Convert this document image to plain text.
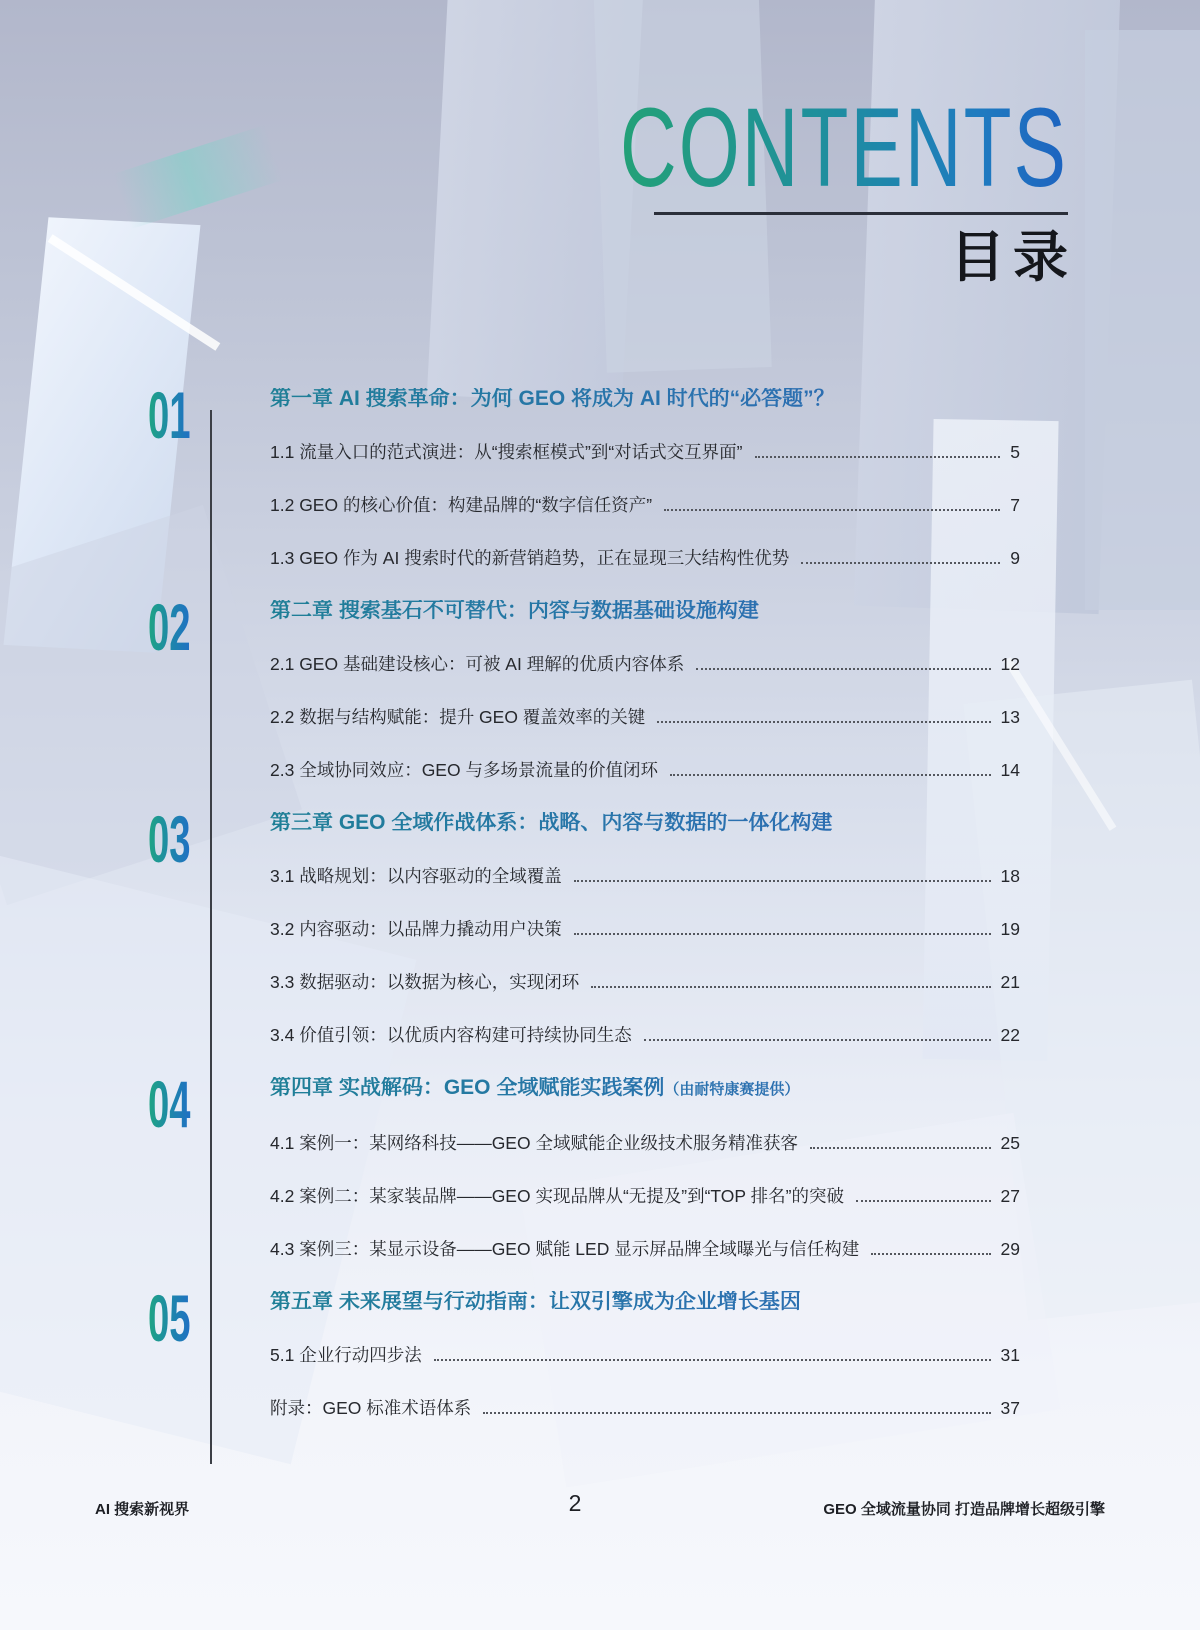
CONTENTS
目录
01	第一章 AI 搜索革命：为何 GEO 将成为 AI 时代的“必答题”？
1.1 流量入口的范式演进：从“搜索框模式”到“对话式交互界面”	5
1.2 GEO 的核心价值：构建品牌的“数字信任资产”	7
1.3 GEO 作为 AI 搜索时代的新营销趋势，正在显现三大结构性优势	9
02	第二章 搜索基石不可替代：内容与数据基础设施构建
2.1 GEO 基础建设核心：可被 AI 理解的优质内容体系	12
2.2 数据与结构赋能：提升 GEO 覆盖效率的关键	13
2.3 全域协同效应：GEO 与多场景流量的价值闭环	14
03	第三章 GEO 全域作战体系：战略、内容与数据的一体化构建
3.1 战略规划：以内容驱动的全域覆盖	18
3.2 内容驱动：以品牌力撬动用户决策	19
3.3 数据驱动：以数据为核心，实现闭环	21
3.4 价值引领：以优质内容构建可持续协同生态	22
04	第四章 实战解码：GEO 全域赋能实践案例（由耐特康赛提供）
4.1 案例一：某网络科技——GEO 全域赋能企业级技术服务精准获客	25
4.2 案例二：某家装品牌——GEO 实现品牌从“无提及”到“TOP 排名”的突破	27
4.3 案例三：某显示设备——GEO 赋能 LED 显示屏品牌全域曝光与信任构建	29
05	第五章 未来展望与行动指南：让双引擎成为企业增长基因
5.1 企业行动四步法	31
附录：GEO 标准术语体系	37
AI 搜索新视界	2	GEO 全域流量协同 打造品牌增长超级引擎
